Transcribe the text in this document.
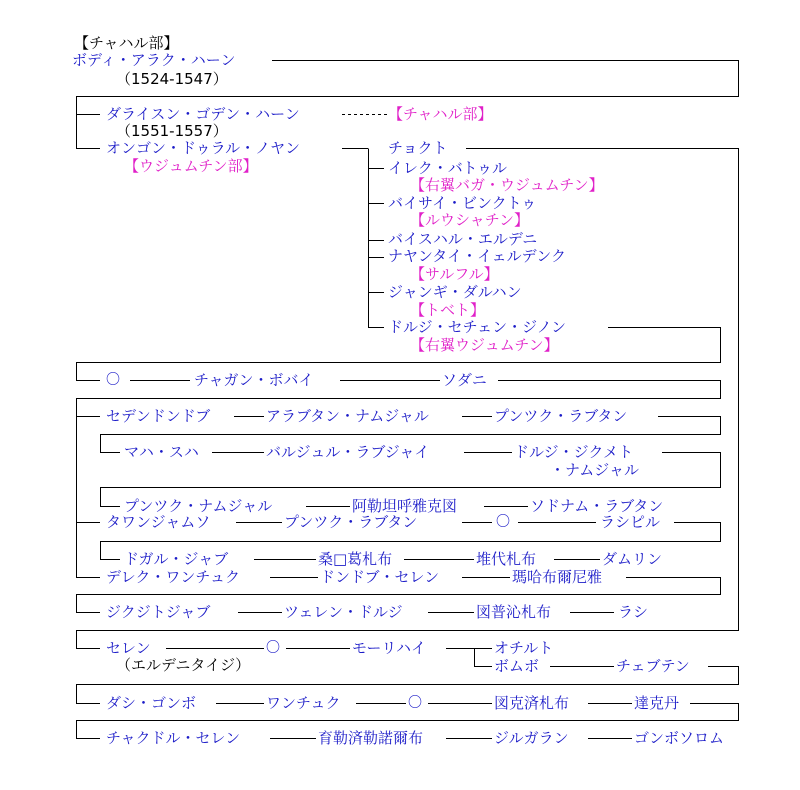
【チャハル部】
ボディ・アラク・ハーン
（1524-1547）
ダライスン・ゴデン・ハーン	【チャハル部】
（1551-1557）
オンゴン・ドゥラル・ノヤン
【ウジュムチン部】
チョクト
イレク・バトゥル
【右翼バガ・ウジュムチン】
バイサイ・ビンクトゥ
【ルウシャチン】
バイスハル・エルデニ
ナヤンタイ・イェルデンク
【サルフル】
ジャンギ・ダルハン
【トベト】
ドルジ・セチェン・ジノン
【右翼ウジュムチン】
〇	チャガン・ボバイ	ソダニ
セデンドンドブ	アラブタン・ナムジャル	プンツク・ラブタン
マハ・スハ	バルジュル・ラブジャイ	ドルジ・ジクメト
・ナムジャル
プンツク・ナムジャル	阿勒坦呼雅克図	ソドナム・ラブタン
タワンジャムソ	プンツク・ラブタン	〇	ラシピル
ドガル・ジャブ	桑□葛札布	堆代札布	ダムリン
デレク・ワンチュク	ドンドブ・セレン	瑪哈布爾尼雅
ジクジトジャブ	ツェレン・ドルジ	図普沁札布	ラシ
セレン
（エルデニタイジ）
〇	モーリハイ	オチルト
ボムボ	チェブテン
ダシ・ゴンボ	ワンチュク	〇	図克済札布	達克丹
チャクドル・セレン	育勒済勒諾爾布	ジルガラン	ゴンボソロム
